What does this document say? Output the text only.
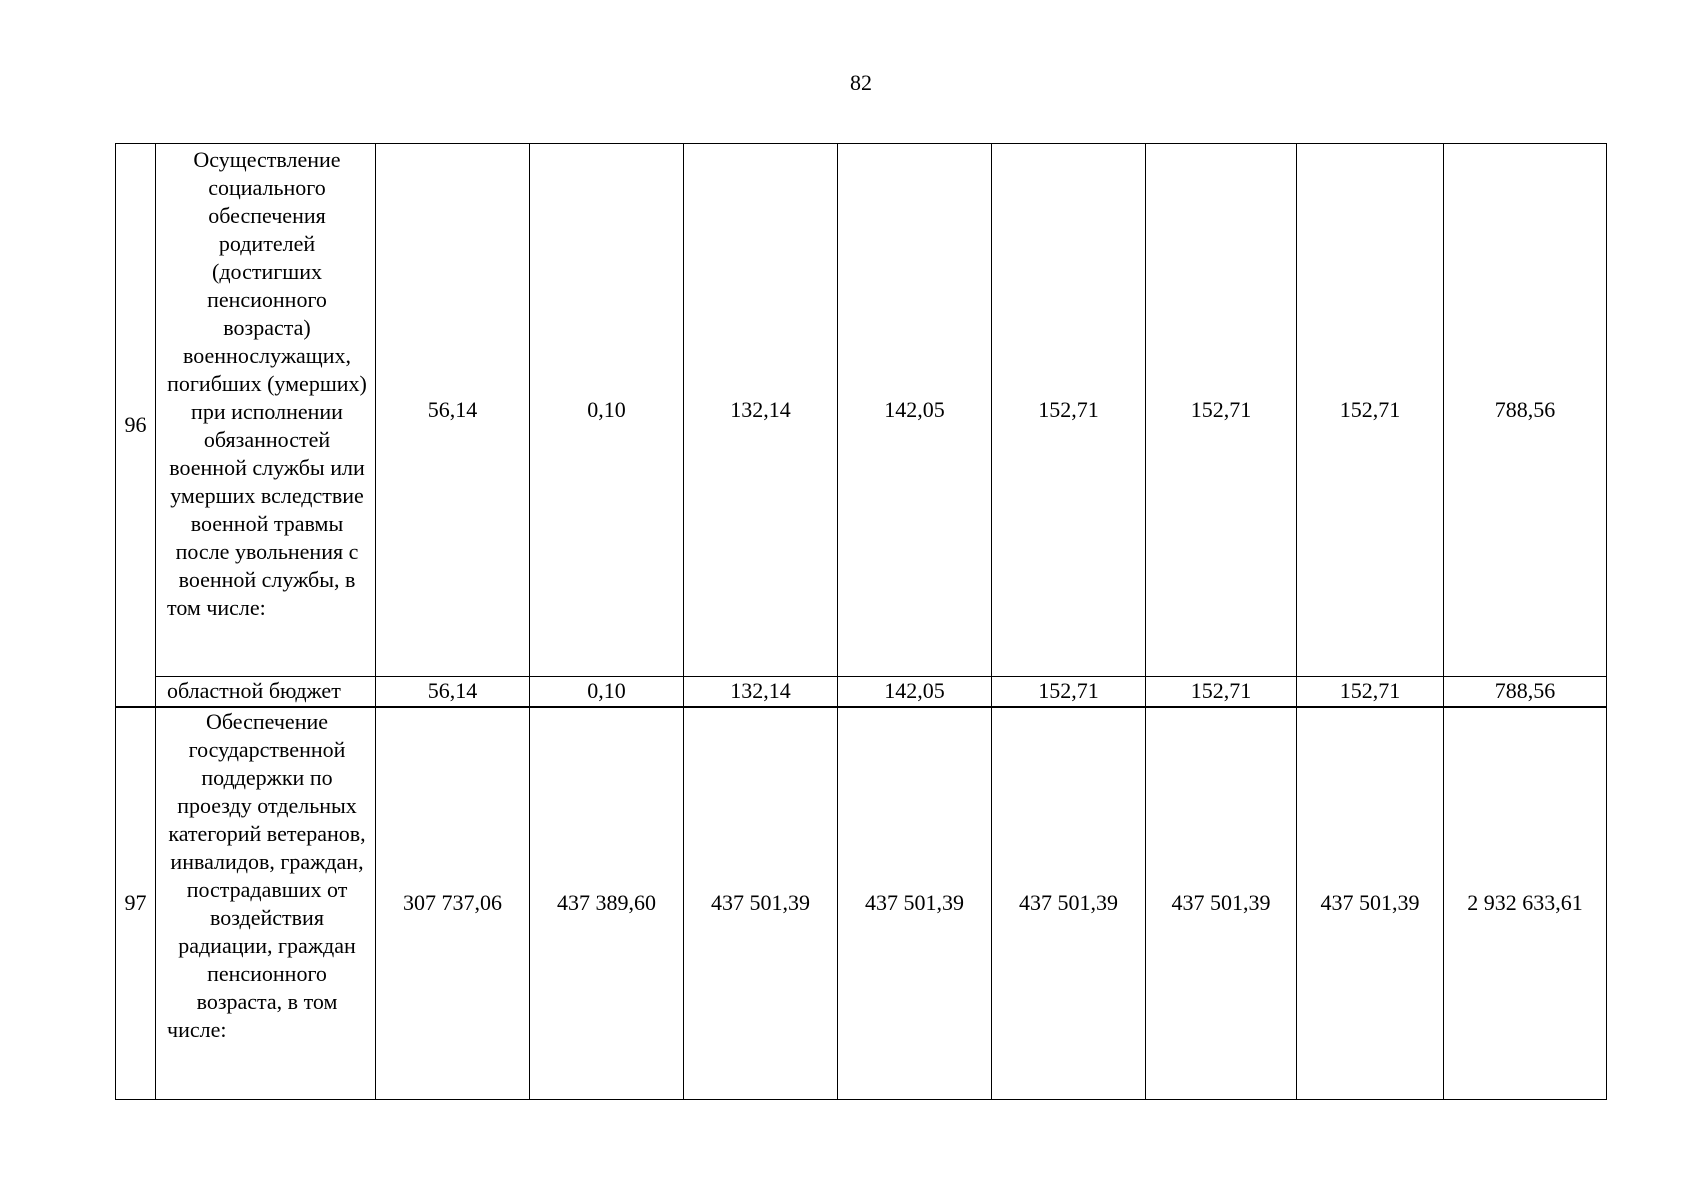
82
96	Осуществление социального обеспечения родителей (достигших пенсионного возраста) военнослужащих, погибших (умерших) при исполнении обязанностей военной службы или умерших вследствие военной травмы после увольнения с военной службы, в том числе:	56,14	0,10	132,14	142,05	152,71	152,71	152,71	788,56
	областной бюджет	56,14	0,10	132,14	142,05	152,71	152,71	152,71	788,56
97	Обеспечение государственной поддержки по проезду отдельных категорий ветеранов, инвалидов, граждан, пострадавших от воздействия радиации, граждан пенсионного возраста, в том числе:	307 737,06	437 389,60	437 501,39	437 501,39	437 501,39	437 501,39	437 501,39	2 932 633,61
